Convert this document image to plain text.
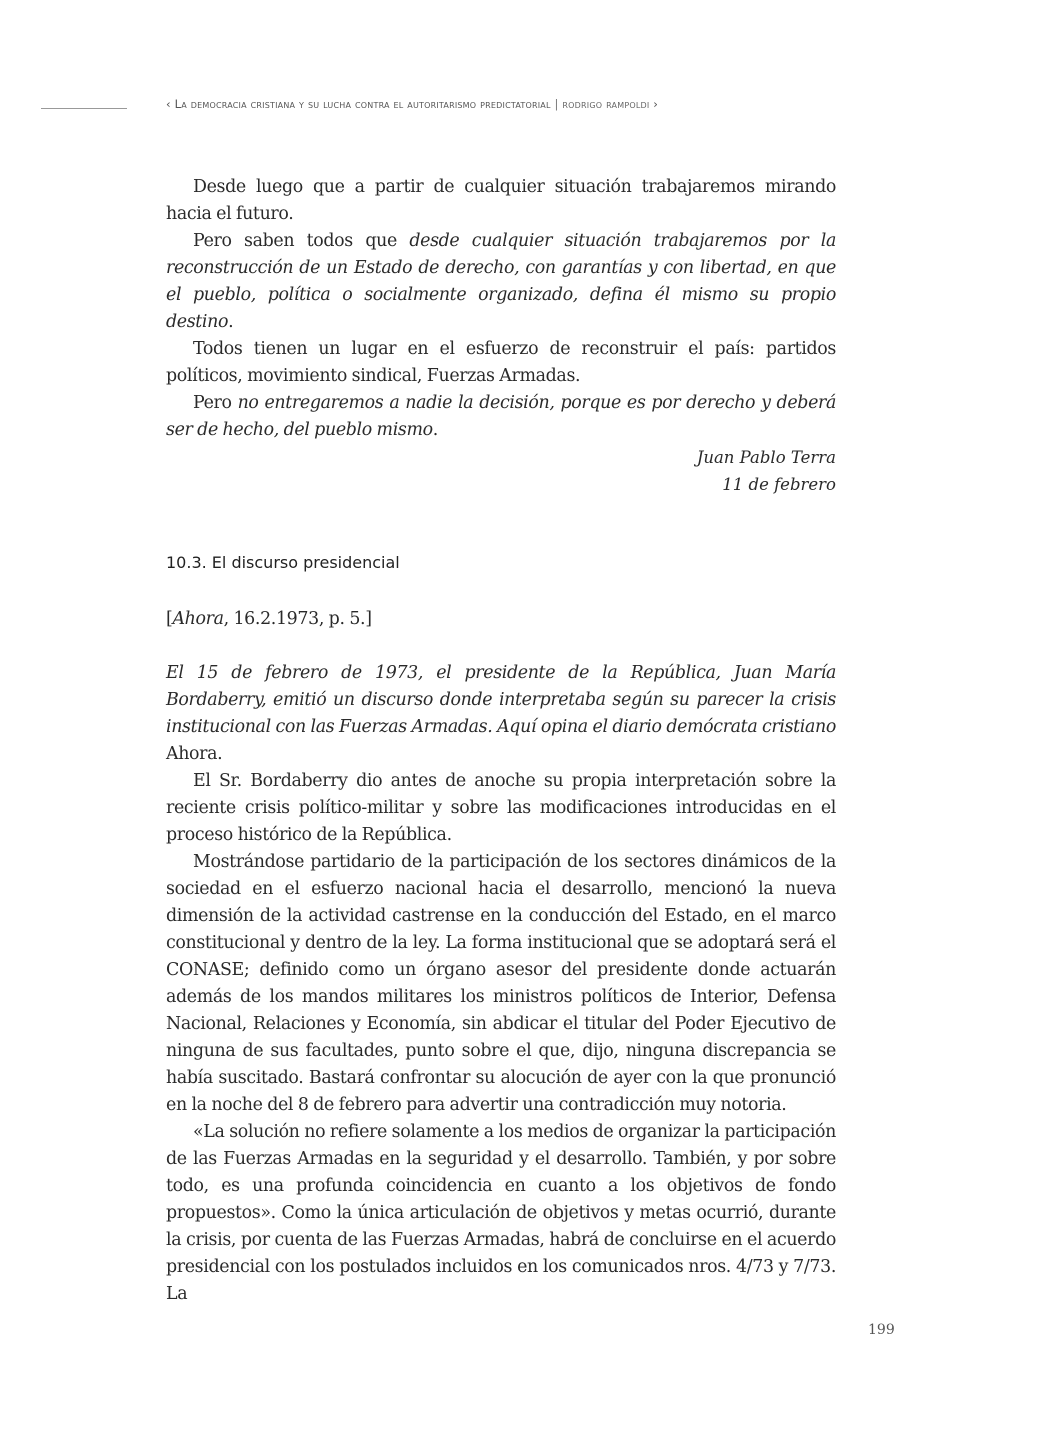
‹ La democracia cristiana y su lucha contra el autoritarismo predictatorial | rodrigo rampoldi ›

Desde luego que a partir de cualquier situación trabajaremos mirando hacia el futuro.

Pero saben todos que desde cualquier situación trabajaremos por la reconstrucción de un Estado de derecho, con garantías y con libertad, en que el pueblo, política o socialmente organizado, defina él mismo su propio destino.

Todos tienen un lugar en el esfuerzo de reconstruir el país: partidos políticos, movimiento sindical, Fuerzas Armadas.

Pero no entregaremos a nadie la decisión, porque es por derecho y deberá ser de hecho, del pueblo mismo.

Juan Pablo Terra
11 de febrero
10.3. El discurso presidencial
[Ahora, 16.2.1973, p. 5.]
El 15 de febrero de 1973, el presidente de la República, Juan María Bordaberry, emitió un discurso donde interpretaba según su parecer la crisis institucional con las Fuerzas Armadas. Aquí opina el diario demócrata cristiano Ahora.

El Sr. Bordaberry dio antes de anoche su propia interpretación sobre la reciente crisis político-militar y sobre las modificaciones introducidas en el proceso histórico de la República.

Mostrándose partidario de la participación de los sectores dinámicos de la sociedad en el esfuerzo nacional hacia el desarrollo, mencionó la nueva dimensión de la actividad castrense en la conducción del Estado, en el marco constitucional y dentro de la ley. La forma institucional que se adoptará será el CONASE; definido como un órgano asesor del presidente donde actuarán además de los mandos militares los ministros políticos de Interior, Defensa Nacional, Relaciones y Economía, sin abdicar el titular del Poder Ejecutivo de ninguna de sus facultades, punto sobre el que, dijo, ninguna discrepancia se había suscitado. Bastará confrontar su alocución de ayer con la que pronunció en la noche del 8 de febrero para advertir una contradicción muy notoria.

«La solución no refiere solamente a los medios de organizar la participación de las Fuerzas Armadas en la seguridad y el desarrollo. También, y por sobre todo, es una profunda coincidencia en cuanto a los objetivos de fondo propuestos». Como la única articulación de objetivos y metas ocurrió, durante la crisis, por cuenta de las Fuerzas Armadas, habrá de concluirse en el acuerdo presidencial con los postulados incluidos en los comunicados nros. 4/73 y 7/73. La

199
